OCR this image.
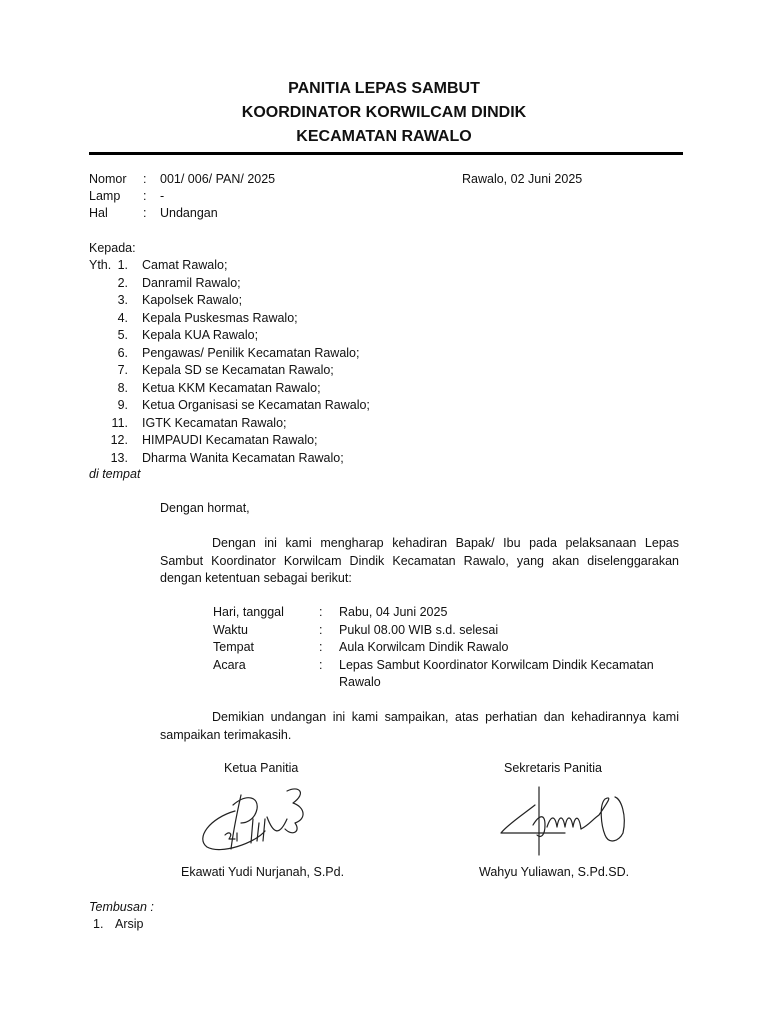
PANITIA LEPAS SAMBUT
KOORDINATOR KORWILCAM DINDIK
KECAMATAN RAWALO
Nomor : 001/ 006/ PAN/ 2025	Rawalo, 02 Juni 2025
Lamp : -
Hal	: Undangan
Kepada:
Yth. 1. Camat Rawalo;
2. Danramil Rawalo;
3. Kapolsek Rawalo;
4. Kepala Puskesmas Rawalo;
5. Kepala KUA Rawalo;
6. Pengawas/ Penilik Kecamatan Rawalo;
7. Kepala SD se Kecamatan Rawalo;
8. Ketua KKM Kecamatan Rawalo;
9. Ketua Organisasi se Kecamatan Rawalo;
11. IGTK Kecamatan Rawalo;
12. HIMPAUDI Kecamatan Rawalo;
13. Dharma Wanita Kecamatan Rawalo;
di tempat
Dengan hormat,
Dengan ini kami mengharap kehadiran Bapak/ Ibu pada pelaksanaan Lepas Sambut Koordinator Korwilcam Dindik Kecamatan Rawalo, yang akan diselenggarakan dengan ketentuan sebagai berikut:
Hari, tanggal	: Rabu, 04 Juni 2025
Waktu	: Pukul 08.00 WIB s.d. selesai
Tempat	: Aula Korwilcam Dindik Rawalo
Acara	: Lepas Sambut Koordinator Korwilcam Dindik Kecamatan
Rawalo
Demikian undangan ini kami sampaikan, atas perhatian dan kehadirannya kami sampaikan terimakasih.
Ketua Panitia	Sekretaris Panitia
Ekawati Yudi Nurjanah, S.Pd.	Wahyu Yuliawan, S.Pd.SD.
Tembusan :
1. Arsip
